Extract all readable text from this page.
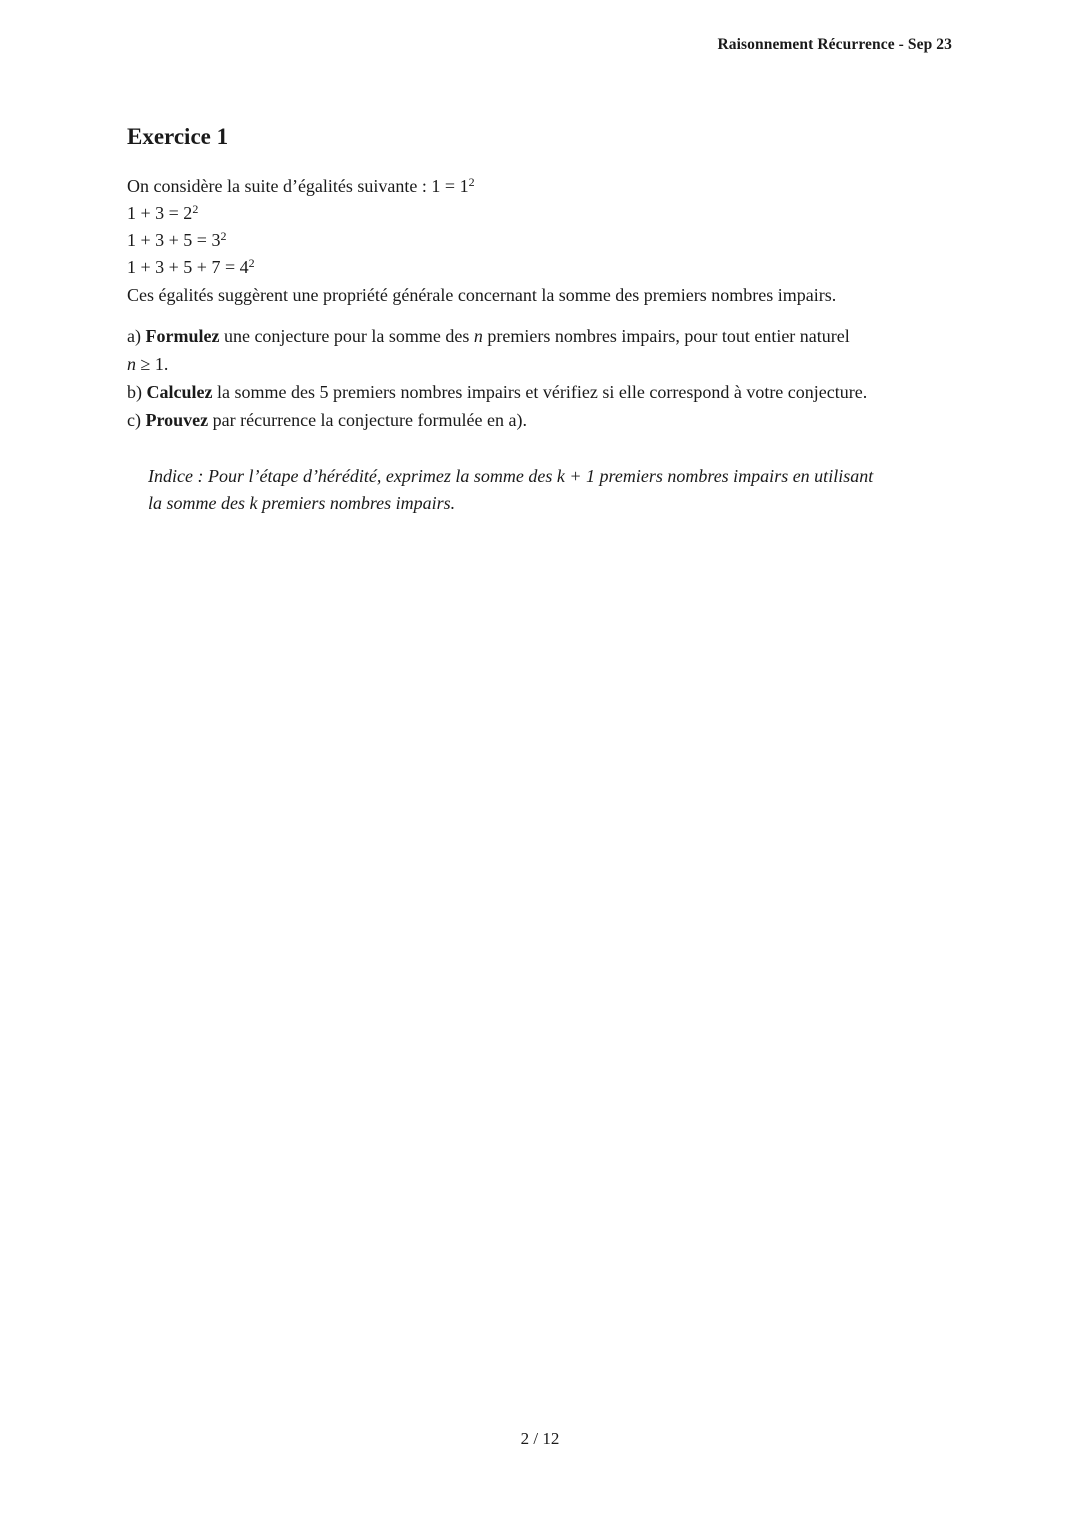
Raisonnement Récurrence - Sep 23
Exercice 1
On considère la suite d’égalités suivante : $1 = 1^2$
$1 + 3 = 2^2$
$1 + 3 + 5 = 3^2$
$1 + 3 + 5 + 7 = 4^2$
Ces égalités suggèrent une propriété générale concernant la somme des premiers nombres impairs.
a) Formulez une conjecture pour la somme des n premiers nombres impairs, pour tout entier naturel
n ≥ 1.
b) Calculez la somme des 5 premiers nombres impairs et vérifiez si elle correspond à votre conjecture.
c) Prouvez par récurrence la conjecture formulée en a).
Indice : Pour l’étape d’hérédité, exprimez la somme des k + 1 premiers nombres impairs en utilisant
la somme des k premiers nombres impairs.
2 / 12
